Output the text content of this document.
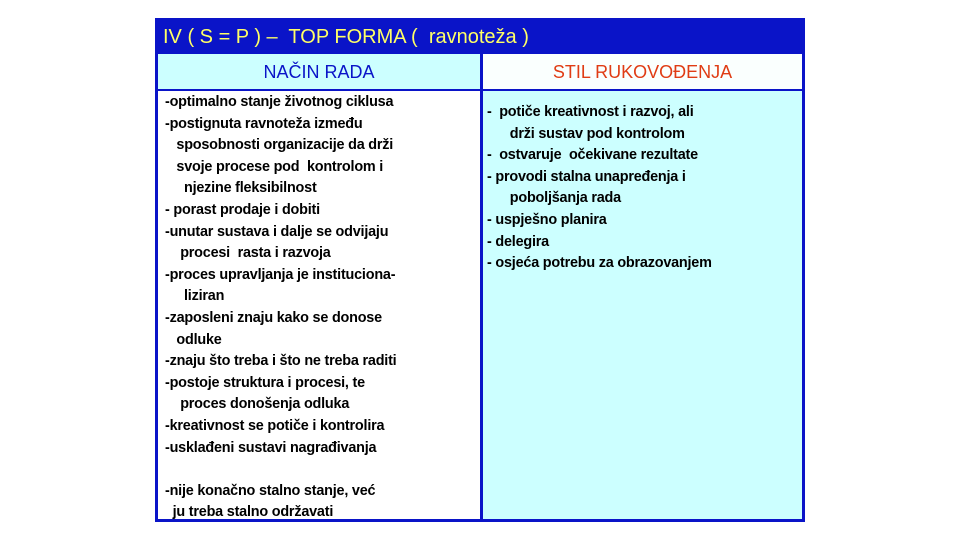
IV ( S = P ) –  TOP FORMA (  ravnoteža )
NAČIN RADA	STIL RUKOVOĐENJA
-optimalno stanje životnog ciklusa
-postignuta ravnoteža između
sposobnosti organizacije da drži
svoje procese pod  kontrolom i
njezine fleksibilnost
- porast prodaje i dobiti
-unutar sustava i dalje se odvijaju
procesi  rasta i razvoja
-proces upravljanja je instituciona-
liziran
-zaposleni znaju kako se donose
odluke
-znaju što treba i što ne treba raditi
-postoje struktura i procesi, te
proces donošenja odluka
-kreativnost se potiče i kontrolira
-usklađeni sustavi nagrađivanja
-nije konačno stalno stanje, već
ju treba stalno održavati
-  potiče kreativnost i razvoj, ali
drži sustav pod kontrolom
-  ostvaruje  očekivane rezultate
- provodi stalna unapređenja i
poboljšanja rada
- uspješno planira
- delegira
- osjeća potrebu za obrazovanjem
